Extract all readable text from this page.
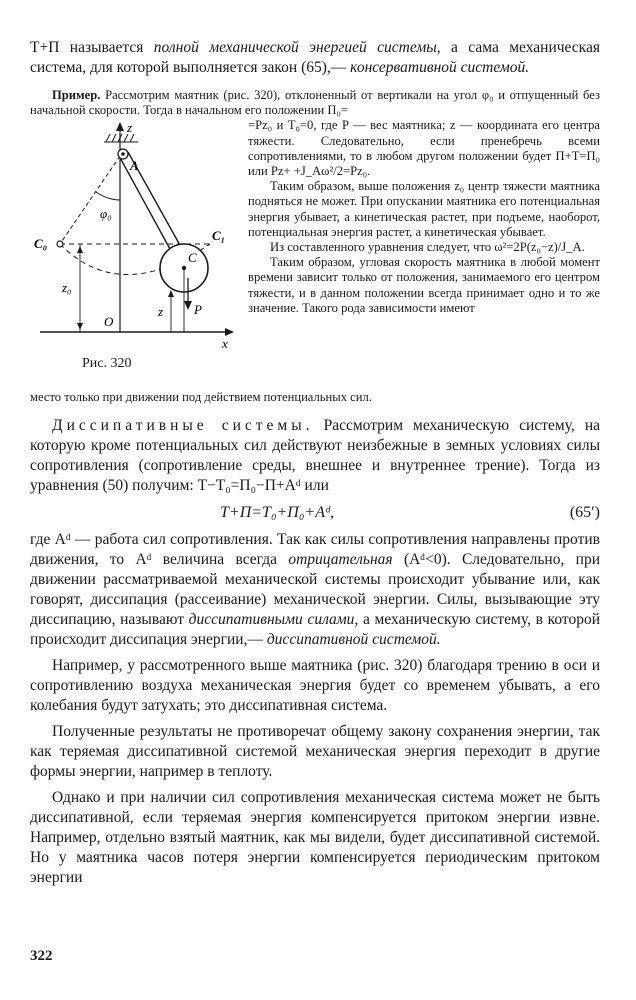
T+П называется полной механической энергией системы, а сама механическая система, для которой выполняется закон (65),— консервативной системой.

Пример. Рассмотрим маятник (рис. 320), отклоненный от вертикали на угол φ₀ и отпущенный без начальной скорости. Тогда в начальном его положении П₀=

z
x
A
C
C₀
C₁
φ₀
z₀
z P
O
Рис. 320

=Pz₀ и T₀=0, где P — вес маятника; z — координата его центра тяжести. Следовательно, если пренебречь всеми сопротивлениями, то в любом другом положении будет П+T=П₀ или Pz+ +J_Aω²/2=Pz₀.

Таким образом, выше положения z₀ центр тяжести маятника подняться не может. При опускании маятника его потенциальная энергия убывает, а кинетическая растет, при подъеме, наоборот, потенциальная энергия растет, а кинетическая убывает.

Из составленного уравнения следует, что ω²=2P(z₀−z)/J_A.

Таким образом, угловая скорость маятника в любой момент времени зависит только от положения, занимаемого его центром тяжести, и в данном положении всегда принимает одно и то же значение. Такого рода зависимости имеют

место только при движении под действием потенциальных сил.

Диссипативные системы. Рассмотрим механическую систему, на которую кроме потенциальных сил действуют неизбежные в земных условиях силы сопротивления (сопротивление среды, внешнее и внутреннее трение). Тогда из уравнения (50) получим: T−T₀=П₀−П+Aᵈ или

T+П=T₀+П₀+Aᵈ,	(65′)

где Aᵈ — работа сил сопротивления. Так как силы сопротивления направлены против движения, то Aᵈ величина всегда отрицательная (Aᵈ<0). Следовательно, при движении рассматриваемой механической системы происходит убывание или, как говорят, диссипация (рассеивание) механической энергии. Силы, вызывающие эту диссипацию, называют диссипативными силами, а механическую систему, в которой происходит диссипация энергии,— диссипативной системой.

Например, у рассмотренного выше маятника (рис. 320) благодаря трению в оси и сопротивлению воздуха механическая энергия будет со временем убывать, а его колебания будут затухать; это диссипативная система.

Полученные результаты не противоречат общему закону сохранения энергии, так как теряемая диссипативной системой механическая энергия переходит в другие формы энергии, например в теплоту.

Однако и при наличии сил сопротивления механическая система может не быть диссипативной, если теряемая энергия компенсируется притоком энергии извне. Например, отдельно взятый маятник, как мы видели, будет диссипативной системой. Но у маятника часов потеря энергии компенсируется периодическим притоком энергии

322
